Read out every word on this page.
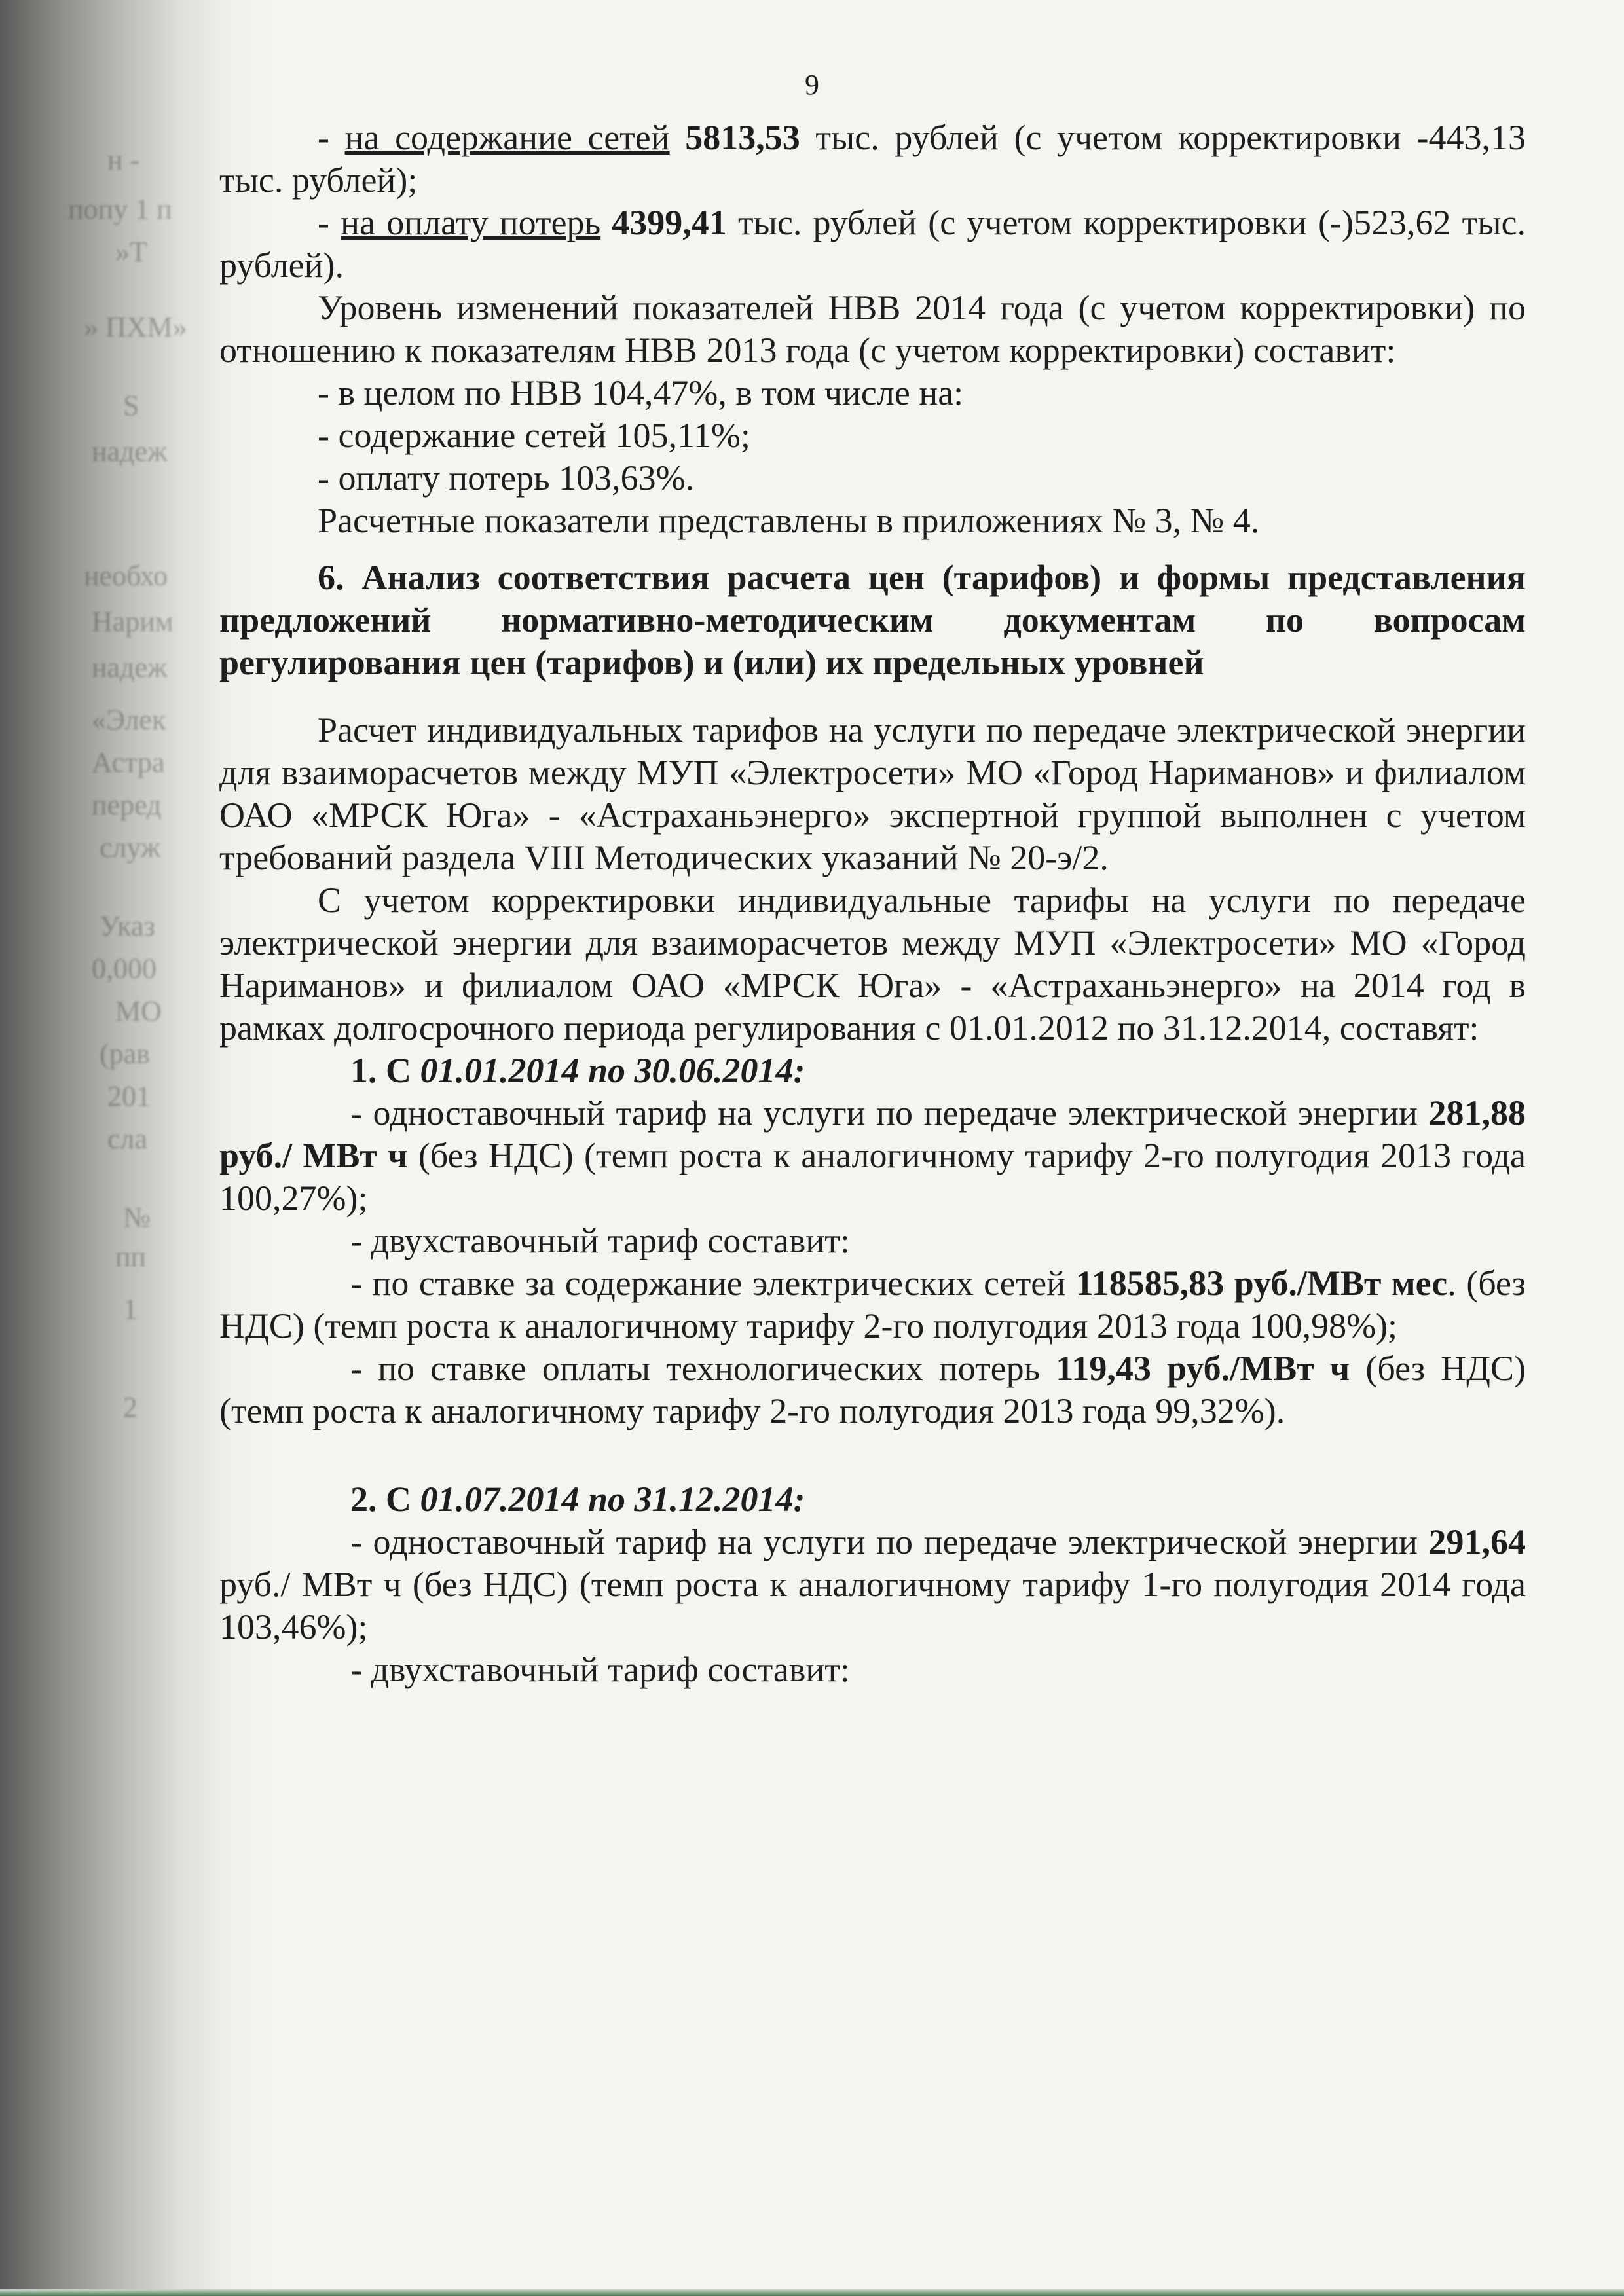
н -
попу 1 п
»Т
» ПХМ»
S
надеж
необхо
Нарим
надеж
«Элек
Астра
перед
служ
Указ
0,000
МО
(рав
201
сла
№
пп
1
2
9

- на содержание сетей 5813,53 тыс. рублей (с учетом корректировки -443,13 тыс. рублей);

- на оплату потерь 4399,41 тыс. рублей (с учетом корректировки (-)523,62 тыс. рублей).

Уровень изменений показателей НВВ 2014 года (с учетом корректировки) по отношению к показателям НВВ 2013 года (с учетом корректировки) составит:

- в целом по НВВ 104,47%, в том числе на:

- содержание сетей 105,11%;

- оплату потерь 103,63%.

Расчетные показатели представлены в приложениях № 3, № 4.

6. Анализ соответствия расчета цен (тарифов) и формы представления предложений нормативно-методическим документам по вопросам регулирования цен (тарифов) и (или) их предельных уровней

Расчет индивидуальных тарифов на услуги по передаче электрической энергии для взаиморасчетов между МУП «Электросети» МО «Город Нариманов» и филиалом ОАО «МРСК Юга» - «Астраханьэнерго» экспертной группой выполнен с учетом требований раздела VIII Методических указаний № 20-э/2.

С учетом корректировки индивидуальные тарифы на услуги по передаче электрической энергии для взаиморасчетов между МУП «Электросети» МО «Город Нариманов» и филиалом ОАО «МРСК Юга» - «Астраханьэнерго» на 2014 год в рамках долгосрочного периода регулирования с 01.01.2012 по 31.12.2014, составят:

1. С 01.01.2014 по 30.06.2014:

- одноставочный тариф на услуги по передаче электрической энергии 281,88 руб./ МВт ч (без НДС) (темп роста к аналогичному тарифу 2-го полугодия 2013 года 100,27%);

- двухставочный тариф составит:

- по ставке за содержание электрических сетей 118585,83 руб./МВт мес. (без НДС) (темп роста к аналогичному тарифу 2-го полугодия 2013 года 100,98%);

- по ставке оплаты технологических потерь 119,43 руб./МВт ч (без НДС) (темп роста к аналогичному тарифу 2-го полугодия 2013 года 99,32%).

2. С 01.07.2014 по 31.12.2014:

- одноставочный тариф на услуги по передаче электрической энергии 291,64 руб./ МВт ч (без НДС) (темп роста к аналогичному тарифу 1-го полугодия 2014 года 103,46%);

- двухставочный тариф составит:
